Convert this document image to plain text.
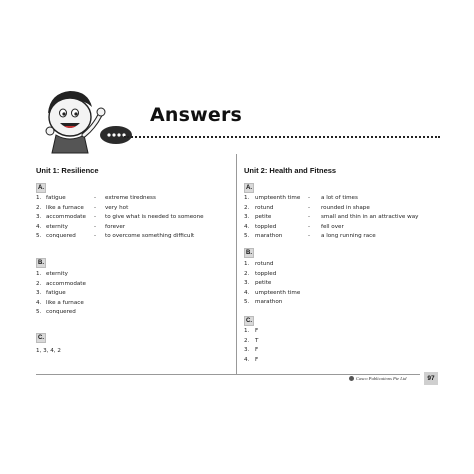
Answers
Unit 1: Resilience
A.
1. fatigue	- extreme tiredness
2. like a furnace - very hot
3. accommodate - to give what is needed to someone
4. eternity	- forever
5. conquered	- to overcome something difficult
B.
1. eternity
2. accommodate
3. fatigue
4. like a furnace
5. conquered
C.
1, 3, 4, 2
Unit 2: Health and Fitness
A.
1. umpteenth time - a lot of times
2. rotund	- rounded in shape
3. petite	- small and thin in an attractive way
4. toppled	- fell over
5. marathon	- a long running race
B.
1. rotund
2. toppled
3. petite
4. umpteenth time
5. marathon
C.
1. F
2. T
3. F
4. F
Casco Publications Pte Ltd	97
